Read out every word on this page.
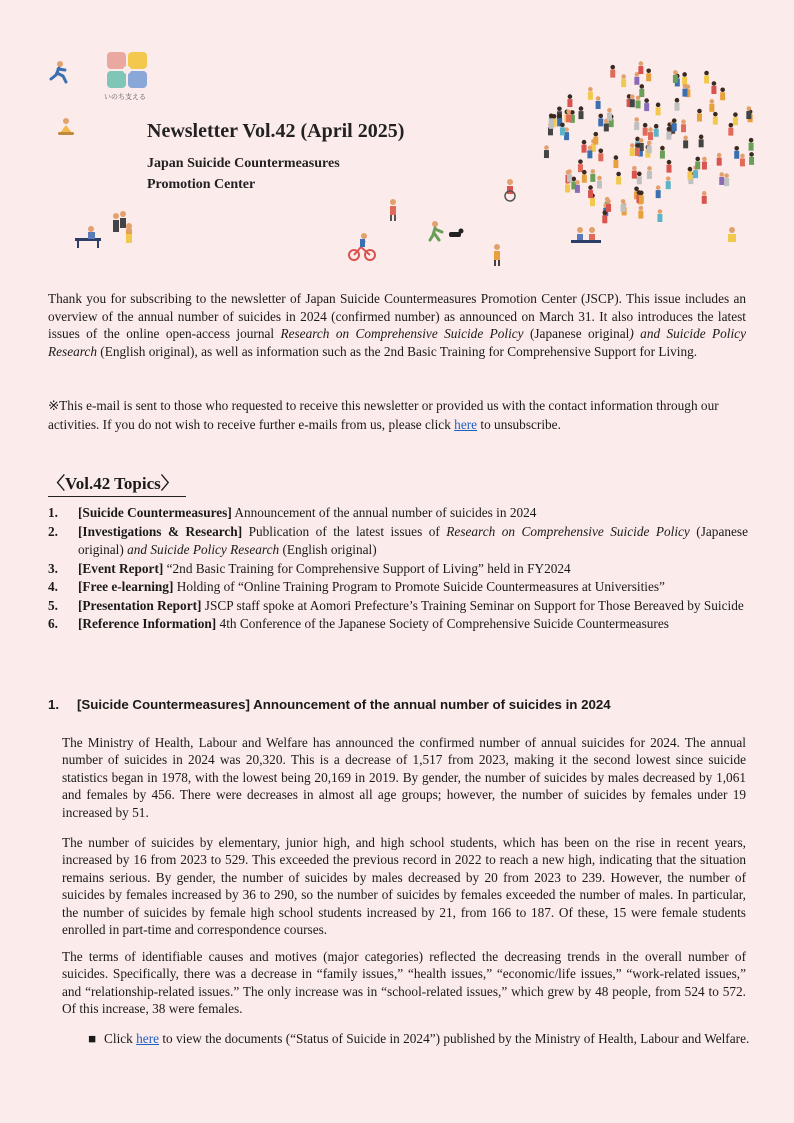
いのち支える
Newsletter Vol.42 (April 2025)
Japan Suicide Countermeasures
Promotion Center

Thank you for subscribing to the newsletter of Japan Suicide Countermeasures Promotion Center (JSCP). This issue includes an overview of the annual number of suicides in 2024 (confirmed number) as announced on March 31. It also introduces the latest issues of the online open-access journal Research on Comprehensive Suicide Policy (Japanese original) and Suicide Policy Research (English original), as well as information such as the 2nd Basic Training for Comprehensive Support for Living.

※This e-mail is sent to those who requested to receive this newsletter or provided us with the contact information through our activities. If you do not wish to receive further e-mails from us, please click here to unsubscribe.

〈Vol.42 Topics〉
1. [Suicide Countermeasures] Announcement of the annual number of suicides in 2024
2. [Investigations & Research] Publication of the latest issues of Research on Comprehensive Suicide Policy (Japanese original) and Suicide Policy Research (English original)
3. [Event Report] “2nd Basic Training for Comprehensive Support of Living” held in FY2024
4. [Free e-learning] Holding of “Online Training Program to Promote Suicide Countermeasures at Universities”
5. [Presentation Report] JSCP staff spoke at Aomori Prefecture’s Training Seminar on Support for Those Bereaved by Suicide
6. [Reference Information] 4th Conference of the Japanese Society of Comprehensive Suicide Countermeasures
1. [Suicide Countermeasures] Announcement of the annual number of suicides in 2024

The Ministry of Health, Labour and Welfare has announced the confirmed number of annual suicides for 2024. The annual number of suicides in 2024 was 20,320. This is a decrease of 1,517 from 2023, making it the second lowest since suicide statistics began in 1978, with the lowest being 20,169 in 2019. By gender, the number of suicides by males decreased by 1,061 and females by 456. There were decreases in almost all age groups; however, the number of suicides by females under 19 increased by 51.

The number of suicides by elementary, junior high, and high school students, which has been on the rise in recent years, increased by 16 from 2023 to 529. This exceeded the previous record in 2022 to reach a new high, indicating that the situation remains serious. By gender, the number of suicides by males decreased by 20 from 2023 to 239. However, the number of suicides by females increased by 36 to 290, so the number of suicides by females exceeded the number of males. In particular, the number of suicides by female high school students increased by 21, from 166 to 187. Of these, 15 were female students enrolled in part-time and correspondence courses.

The terms of identifiable causes and motives (major categories) reflected the decreasing trends in the overall number of suicides. Specifically, there was a decrease in “family issues,” “health issues,” “economic/life issues,” “work-related issues,” and “relationship-related issues.” The only increase was in “school-related issues,” which grew by 48 people, from 524 to 572. Of this increase, 38 were females.

■ Click here to view the documents (“Status of Suicide in 2024”) published by the Ministry of Health, Labour and Welfare.
